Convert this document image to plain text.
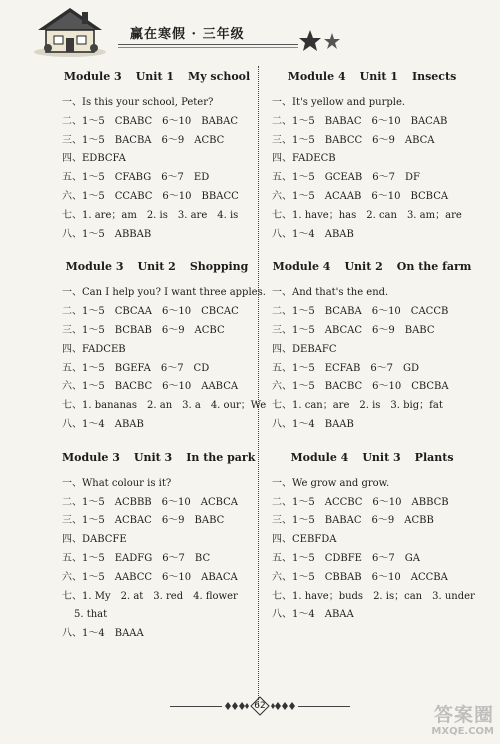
赢在寒假 · 三年级
Module 3 Unit 1 My school
一、Is this your school, Peter?
二、1～5　CBABC　6～10　BABAC
三、1～5　BACBA　6～9　ACBC
四、EDBCFA
五、1～5　CFABG　6～7　ED
六、1～5　CCABC　6～10　BBACC
七、1. are；am　2. is　3. are　4. is
八、1～5　ABBAB
Module 3 Unit 2 Shopping
一、Can I help you? I want three apples.
二、1～5　CBCAA　6～10　CBCAC
三、1～5　BCBAB　6～9　ACBC
四、FADCEB
五、1～5　BGEFA　6～7　CD
六、1～5　BACBC　6～10　AABCA
七、1. bananas　2. an　3. a　4. our；We
八、1～4　ABAB
Module 3 Unit 3 In the park
一、What colour is it?
二、1～5　ACBBB　6～10　ACBCA
三、1～5　ACBAC　6～9　BABC
四、DABCFE
五、1～5　EADFG　6～7　BC
六、1～5　AABCC　6～10　ABACA
七、1. My　2. at　3. red　4. flower
5. that
八、1～4　BAAA
Module 4 Unit 1 Insects
一、It's yellow and purple.
二、1～5　BABAC　6～10　BACAB
三、1～5　BABCC　6～9　ABCA
四、FADECB
五、1～5　GCEAB　6～7　DF
六、1～5　ACAAB　6～10　BCBCA
七、1. have；has　2. can　3. am；are
八、1～4　ABAB
Module 4 Unit 2 On the farm
一、And that's the end.
二、1～5　BCABA　6～10　CACCB
三、1～5　ABCAC　6～9　BABC
四、DEBAFC
五、1～5　ECFAB　6～7　GD
六、1～5　BACBC　6～10　CBCBA
七、1. can；are　2. is　3. big；fat
八、1～4　BAAB
Module 4 Unit 3 Plants
一、We grow and grow.
二、1～5　ACCBC　6～10　ABBCB
三、1～5　BABAC　6～9　ACBB
四、CEBFDA
五、1～5　CDBFE　6～7　GA
六、1～5　CBBAB　6～10　ACCBA
七、1. have；buds　2. is；can　3. under
八、1～4　ABAA
62	答案圈
MXQE.COM
